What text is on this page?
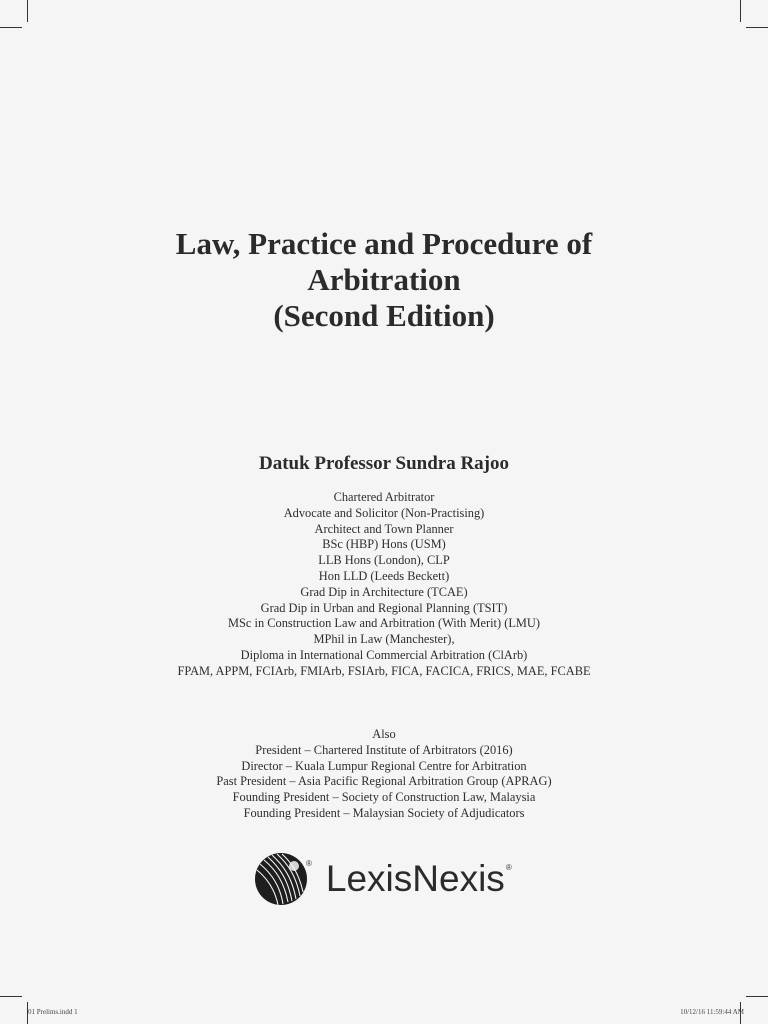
Law, Practice and Procedure of
Arbitration
(Second Edition)
Datuk Professor Sundra Rajoo
Chartered Arbitrator
Advocate and Solicitor (Non-Practising)
Architect and Town Planner
BSc (HBP) Hons (USM)
LLB Hons (London), CLP
Hon LLD (Leeds Beckett)
Grad Dip in Architecture (TCAE)
Grad Dip in Urban and Regional Planning (TSIT)
MSc in Construction Law and Arbitration (With Merit) (LMU)
MPhil in Law (Manchester),
Diploma in International Commercial Arbitration (ClArb)
FPAM, APPM, FCIArb, FMIArb, FSIArb, FICA, FACICA, FRICS, MAE, FCABE
Also
President – Chartered Institute of Arbitrators (2016)
Director – Kuala Lumpur Regional Centre for Arbitration
Past President – Asia Pacific Regional Arbitration Group (APRAG)
Founding President – Society of Construction Law, Malaysia
Founding President – Malaysian Society of Adjudicators
® LexisNexis ®

01 Prelims.indd 1	10/12/16 11:59:44 AM
